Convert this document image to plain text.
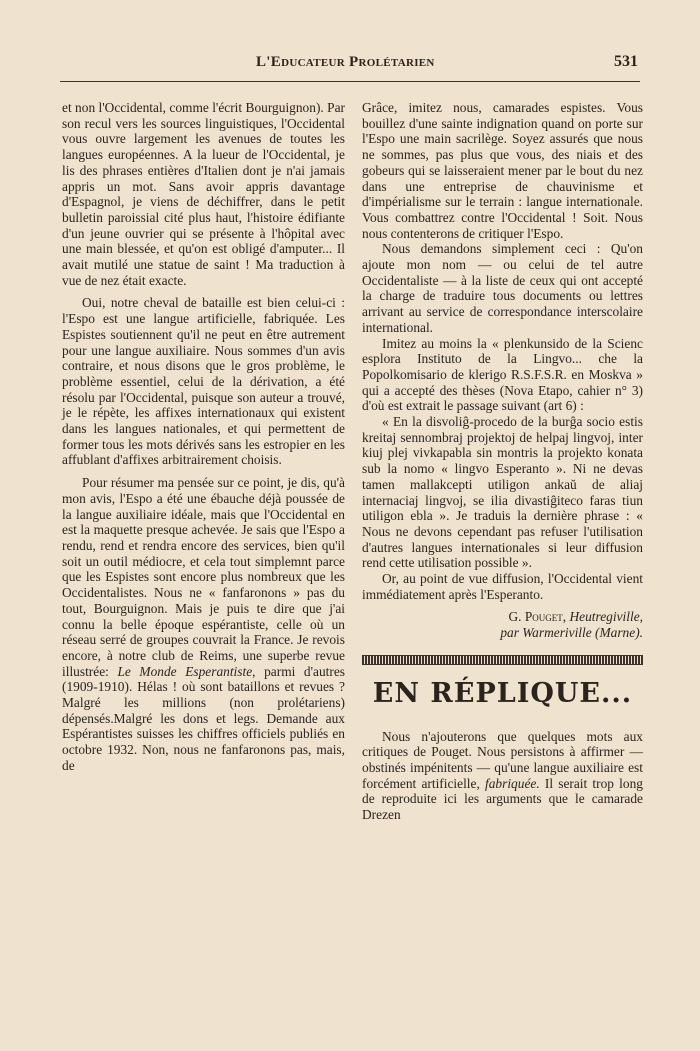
L'Educateur Prolétarien	531

et non l'Occidental, comme l'écrit Bourguignon). Par son recul vers les sources linguistiques, l'Occidental vous ouvre largement les avenues de toutes les langues européennes. A la lueur de l'Occidental, je lis des phrases entières d'Italien dont je n'ai jamais appris un mot. Sans avoir appris davantage d'Espagnol, je viens de déchiffrer, dans le petit bulletin paroissial cité plus haut, l'histoire édifiante d'un jeune ouvrier qui se présente à l'hôpital avec une main blessée, et qu'on est obligé d'amputer... Il avait mutilé une statue de saint ! Ma traduction à vue de nez était exacte.

Oui, notre cheval de bataille est bien celui-ci : l'Espo est une langue artificielle, fabriquée. Les Espistes soutiennent qu'il ne peut en être autrement pour une langue auxiliaire. Nous sommes d'un avis contraire, et nous disons que le gros problème, le problème essentiel, celui de la dérivation, a été résolu par l'Occidental, puisque son auteur a trouvé, je le répète, les affixes internationaux qui existent dans les langues nationales, et qui permettent de former tous les mots dérivés sans les estropier en les affublant d'affixes arbitrairement choisis.

Pour résumer ma pensée sur ce point, je dis, qu'à mon avis, l'Espo a été une ébauche déjà poussée de la langue auxiliaire idéale, mais que l'Occidental en est la maquette presque achevée. Je sais que l'Espo a rendu, rend et rendra encore des services, bien qu'il soit un outil médiocre, et cela tout simplemnt parce que les Espistes sont encore plus nombreux que les Occidentalistes. Nous ne « fanfaronons » pas du tout, Bourguignon. Mais je puis te dire que j'ai connu la belle époque espérantiste, celle où un réseau serré de groupes couvrait la France. Je revois encore, à notre club de Reims, une superbe revue illustrée: Le Monde Esperantiste, parmi d'autres (1909-1910). Hélas ! où sont bataillons et revues ? Malgré les millions (non prolétariens) dépensés.Malgré les dons et legs. Demande aux Espérantistes suisses les chiffres officiels publiés en octobre 1932. Non, nous ne fanfaronons pas, mais, de

Grâce, imitez nous, camarades espistes. Vous bouillez d'une sainte indignation quand on porte sur l'Espo une main sacrilège. Soyez assurés que nous ne sommes, pas plus que vous, des niais et des gobeurs qui se laisseraient mener par le bout du nez dans une entreprise de chauvinisme et d'impérialisme sur le terrain : langue internationale. Vous combattrez contre l'Occidental ! Soit. Nous nous contenterons de critiquer l'Espo.

Nous demandons simplement ceci : Qu'on ajoute mon nom — ou celui de tel autre Occidentaliste — à la liste de ceux qui ont accepté la charge de traduire tous documents ou lettres arrivant au service de correspondance interscolaire international.

Imitez au moins la « plenkunsido de la Scienc esplora Instituto de la Lingvo... che la Popolkomisario de klerigo R.S.F.S.R. en Moskva » qui a accepté des thèses (Nova Etapo, cahier n° 3) d'où est extrait le passage suivant (art 6) :

« En la disvoliĝ-procedo de la burĝa socio estis kreitaj sennombraj projektoj de helpaj lingvoj, inter kiuj plej vivkapabla sin montris la projekto konata sub la nomo « lingvo Esperanto ». Ni ne devas tamen mallakcepti utiligon ankaŭ de aliaj internaciaj lingvoj, se ilia divastiĝiteco faras tiun utiligon ebla ». Je traduis la dernière phrase : « Nous ne devons cependant pas refuser l'utilisation d'autres langues internationales si leur diffusion rend cette utilisation possible ».

Or, au point de vue diffusion, l'Occidental vient immédiatement après l'Esperanto.

G. Pouget, Heutregiville,
par Warmeriville (Marne).
EN RÉPLIQUE...

Nous n'ajouterons que quelques mots aux critiques de Pouget. Nous persistons à affirmer — obstinés impénitents — qu'une langue auxiliaire est forcément artificielle, fabriquée. Il serait trop long de reproduite ici les arguments que le camarade Drezen
